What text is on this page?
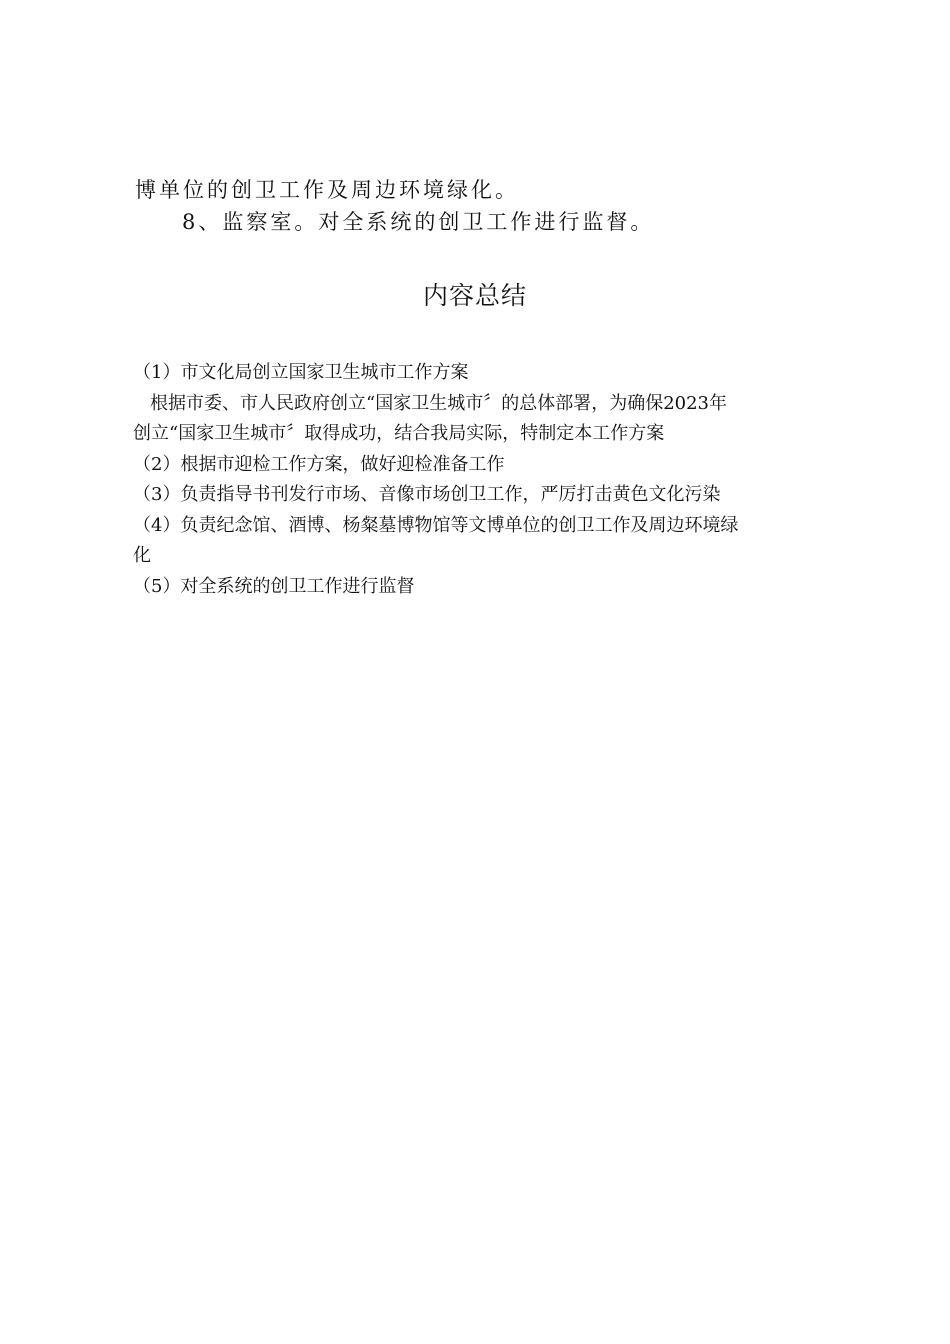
博单位的创卫工作及周边环境绿化。
8、监察室。对全系统的创卫工作进行监督。
内容总结
（1）市文化局创立国家卫生城市工作方案
根据市委、市人民政府创立“国家卫生城市〞的总体部署，为确保2023年
创立“国家卫生城市〞取得成功，结合我局实际，特制定本工作方案
（2）根据市迎检工作方案，做好迎检准备工作
（3）负责指导书刊发行市场、音像市场创卫工作，严厉打击黄色文化污染
（4）负责纪念馆、酒博、杨粲墓博物馆等文博单位的创卫工作及周边环境绿
化
（5）对全系统的创卫工作进行监督
